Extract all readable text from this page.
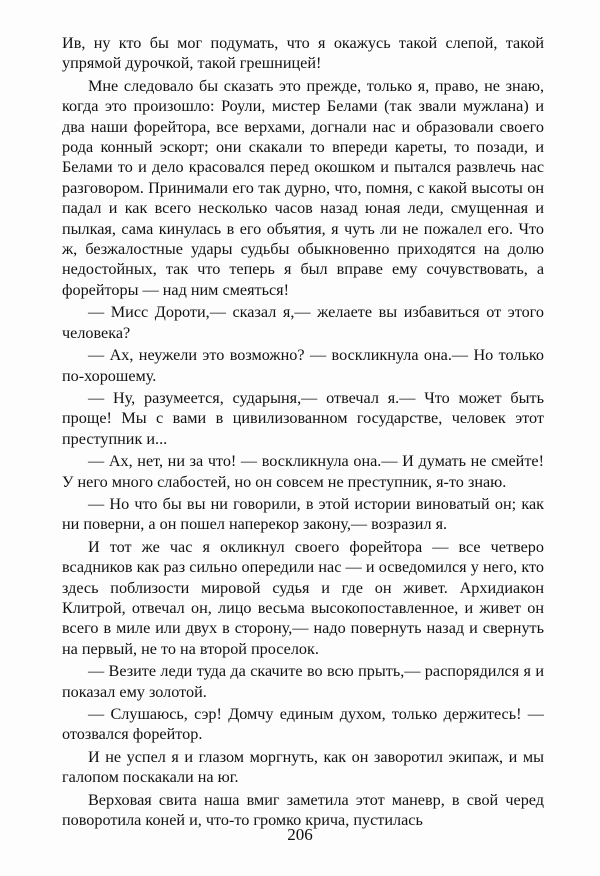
Ив, ну кто бы мог подумать, что я окажусь такой слепой, такой упрямой дурочкой, такой грешницей!

Мне следовало бы сказать это прежде, только я, право, не знаю, когда это произошло: Роули, мистер Белами (так звали мужлана) и два наши форейтора, все верхами, догнали нас и образовали своего рода конный эскорт; они скакали то впереди кареты, то позади, и Белами то и дело красовался перед окошком и пытался развлечь нас разговором. Принимали его так дурно, что, помня, с какой высоты он падал и как всего несколько часов назад юная леди, смущенная и пылкая, сама кинулась в его объятия, я чуть ли не пожалел его. Что ж, безжалостные удары судьбы обыкновенно приходятся на долю недостойных, так что теперь я был вправе ему сочувствовать, а форейторы — над ним смеяться!

— Мисс Дороти,— сказал я,— желаете вы избавиться от этого человека?

— Ах, неужели это возможно? — воскликнула она.— Но только по-хорошему.

— Ну, разумеется, сударыня,— отвечал я.— Что может быть проще! Мы с вами в цивилизованном государстве, человек этот преступник и...

— Ах, нет, ни за что! — воскликнула она.— И думать не смейте! У него много слабостей, но он совсем не преступник, я-то знаю.

— Но что бы вы ни говорили, в этой истории виноватый он; как ни поверни, а он пошел наперекор закону,— возразил я.

И тот же час я окликнул своего форейтора — все четверо всадников как раз сильно опередили нас — и осведомился у него, кто здесь поблизости мировой судья и где он живет. Архидиакон Клитрой, отвечал он, лицо весьма высокопоставленное, и живет он всего в миле или двух в сторону,— надо повернуть назад и свернуть на первый, не то на второй проселок.

— Везите леди туда да скачите во всю прыть,— распорядился я и показал ему золотой.

— Слушаюсь, сэр! Домчу единым духом, только держитесь! — отозвался форейтор.

И не успел я и глазом моргнуть, как он заворотил экипаж, и мы галопом поскакали на юг.

Верховая свита наша вмиг заметила этот маневр, в свой черед поворотила коней и, что-то громко крича, пустилась

206
